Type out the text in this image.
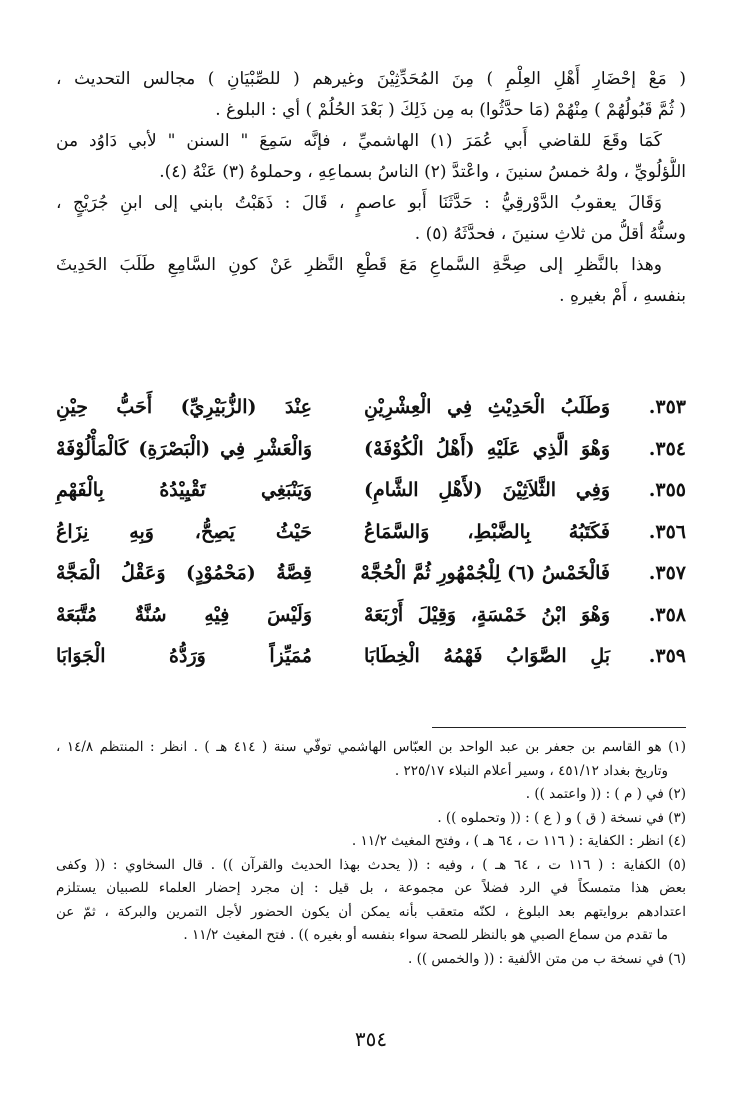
( مَعْ إحْضَارِ أَهْلِ العِلْمِ ) مِنَ المُحَدِّثِيْنَ وغيرهم ( للصِّبْيَانِ ) مجالس التحديث ،

( ثُمَّ قَبُولُهُمْ ) مِنْهُمْ (مَا حدَّثُوا) به مِن ذَلِكَ ( بَعْدَ الحُلُمْ ) أي : البلوغ .

كَمَا وقَعَ للقاضي أَبي عُمَرَ (١) الهاشميِّ ، فإنَّه سَمِعَ " السنن " لأبي دَاوُد من

اللُّؤلُويِّ ، ولهُ خمسُ سنينَ ، واعْتدَّ (٢) الناسُ بسماعِهِ ، وحملوهُ (٣) عَنْهُ (٤).

وَقَالَ يعقوبُ الدَّوْرقِيُّ : حَدَّثَنَا أَبو عاصمٍ ، قَالَ : ذَهَبْتُ بابني إلى ابنِ جُرَيْجٍ ،

وسنُّهُ أقلُّ من ثلاثِ سنينَ ، فحدَّثَهُ (٥) .

وهذا بالنَّظرِ إلى صِحَّةِ السَّماعِ مَعَ قَطْعِ النَّظرِ عَنْ كونِ السَّامِعِ طَلَبَ الحَدِيثَ

بنفسهِ ، أَمْ بغيرهِ .

٣٥٣.
وَطَلَبُ الْحَدِيْثِ فِي الْعِشْرِيْنِ
عِنْدَ (الزُّبَيْرِيِّ) أَحَبُّ حِيْنِ
٣٥٤.
وَهْوَ الَّذِي عَلَيْهِ (أَهْلُ الْكُوْفَهْ)
وَالْعَشْرِ فِي (الْبَصْرَةِ) كَالْمَأْلُوْفَهْ
٣٥٥.
وَفِي الثَّلاَثِيْنَ (لأَهْلِ الشَّامِ)
وَيَنْبَغِي تَقْيِيْدُهُ بِالْفَهْمِ
٣٥٦.
فَكَتَبُهُ بِالضَّبْطِ، وَالسَّمَاعُ
حَيْثُ يَصِحُّ، وَبِهِ نِزَاعُ
٣٥٧.
فَالْخَمْسُ (٦) لِلْجُمْهُورِ ثُمَّ الْحُجَّهْ
قِصَّةُ (مَحْمُوْدٍ) وَعَقْلُ الْمَجَّهْ
٣٥٨.
وَهْوَ ابْنُ خَمْسَةٍ، وَقِيْلَ أَرْبَعَهْ
وَلَيْسَ فِيْهِ سُنَّةٌ مُتَّبَعَهْ
٣٥٩.
بَلِ الصَّوَابُ فَهْمُهُ الْخِطَابَا
مُمَيِّزاً وَرَدُّهُ الْجَوَابَا

(١) هو القاسم بن جعفر بن عبد الواحد بن العبّاس الهاشمي توفّي سنة ( ٤١٤ هـ ) . انظر : المنتظم ١٤/٨ ،

وتاريخ بغداد ٤٥١/١٢ ، وسير أعلام النبلاء ٢٢٥/١٧ .

(٢) في ( م ) : (( واعتمد )) .

(٣) في نسخة ( ق ) و ( ع ) : (( وتحملوه )) .

(٤) انظر : الكفاية : ( ١١٦ ت ، ٦٤ هـ ) ، وفتح المغيث ١١/٢ .

(٥) الكفاية : ( ١١٦ ت ، ٦٤ هـ ) ، وفيه : (( يحدث بهذا الحديث والقرآن )) . قال السخاوي : (( وكفى

بعض هذا متمسكاً في الرد فضلاً عن مجموعة ، بل قيل : إن مجرد إحضار العلماء للصبيان يستلزم

اعتدادهم بروايتهم بعد البلوغ ، لكنّه متعقب بأنه يمكن أن يكون الحضور لأجل التمرين والبركة ، ثمّ عن

ما تقدم من سماع الصبي هو بالنظر للصحة سواء بنفسه أو بغيره )) . فتح المغيث ١١/٢ .

(٦) في نسخة ب من متن الألفية : (( والخمس )) .

٣٥٤
